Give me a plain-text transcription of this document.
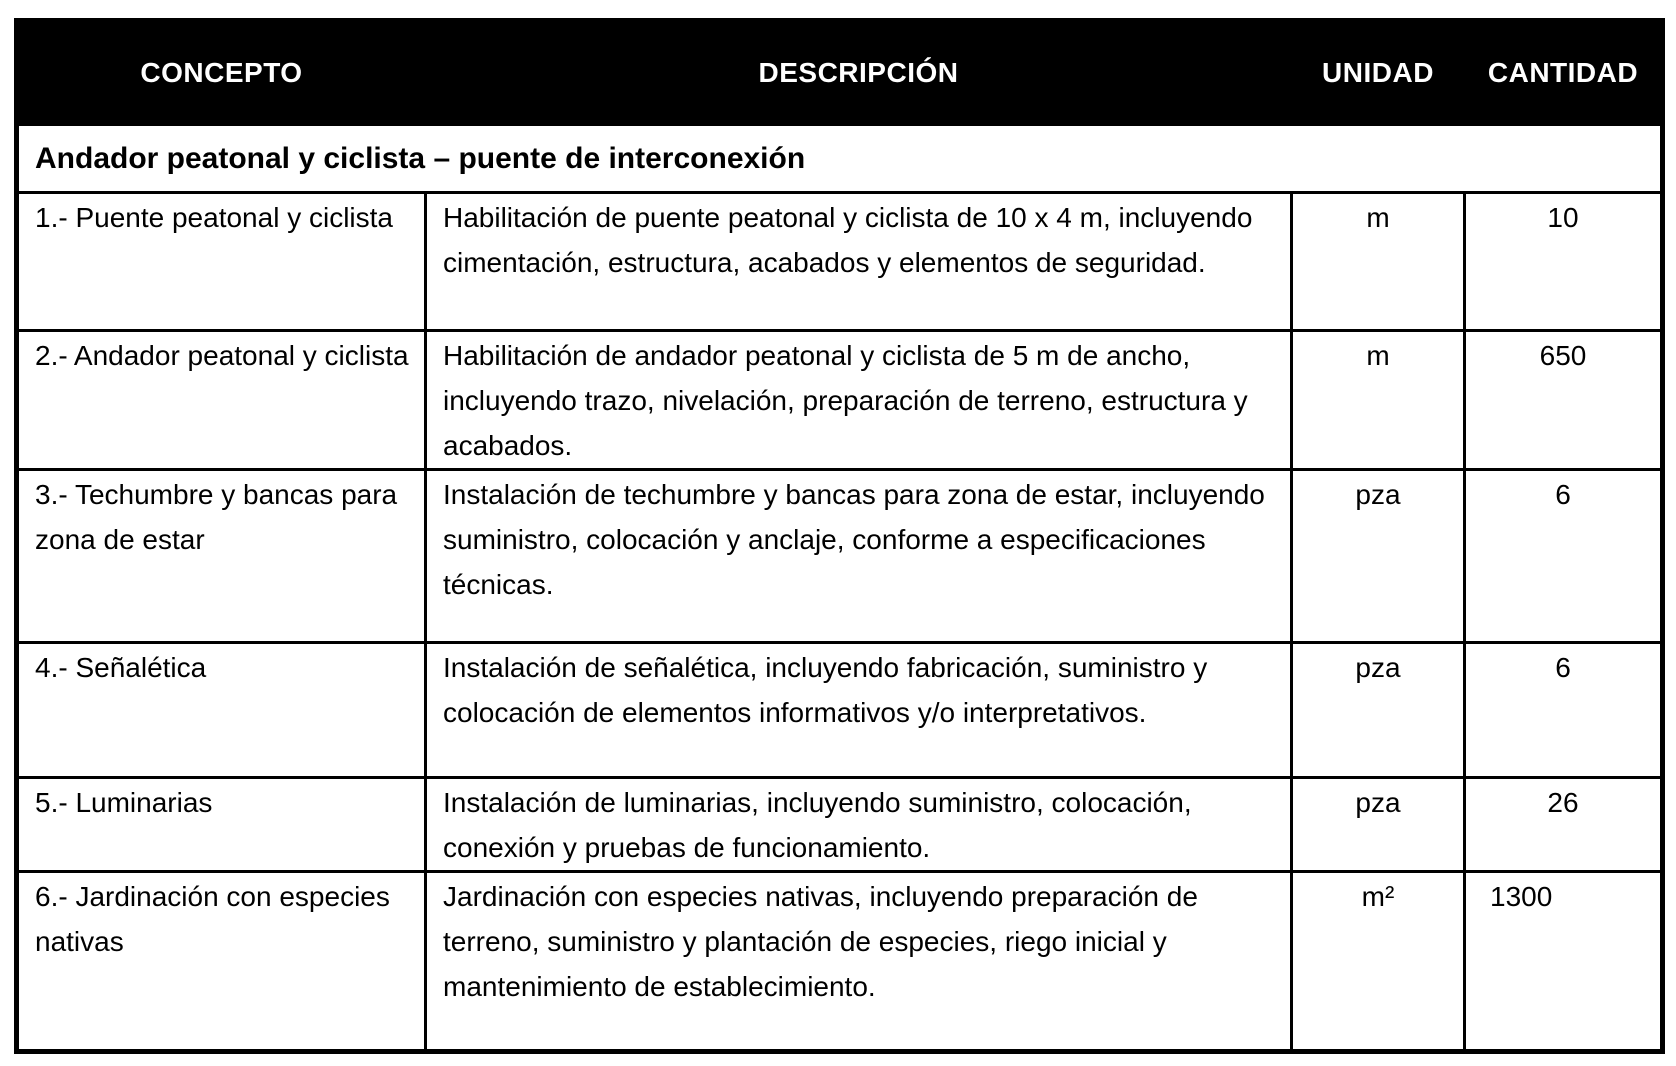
CONCEPTO	DESCRIPCIÓN	UNIDAD	CANTIDAD
Andador peatonal y ciclista – puente de interconexión			
1.- Puente peatonal y ciclista	Habilitación de puente peatonal y ciclista de 10 x 4 m, incluyendo cimentación, estructura, acabados y elementos de seguridad.	m	10
2.- Andador peatonal y ciclista	Habilitación de andador peatonal y ciclista de 5 m de ancho, incluyendo trazo, nivelación, preparación de terreno, estructura y acabados.	m	650
3.- Techumbre y bancas para zona de estar	Instalación de techumbre y bancas para zona de estar, incluyendo suministro, colocación y anclaje, conforme a especificaciones técnicas.	pza	6
4.- Señalética	Instalación de señalética, incluyendo fabricación, suministro y colocación de elementos informativos y/o interpretativos.	pza	6
5.- Luminarias	Instalación de luminarias, incluyendo suministro, colocación, conexión y pruebas de funcionamiento.	pza	26
6.- Jardinación con especies nativas	Jardinación con especies nativas, incluyendo preparación de terreno, suministro y plantación de especies, riego inicial y mantenimiento de establecimiento.	m²	1300
